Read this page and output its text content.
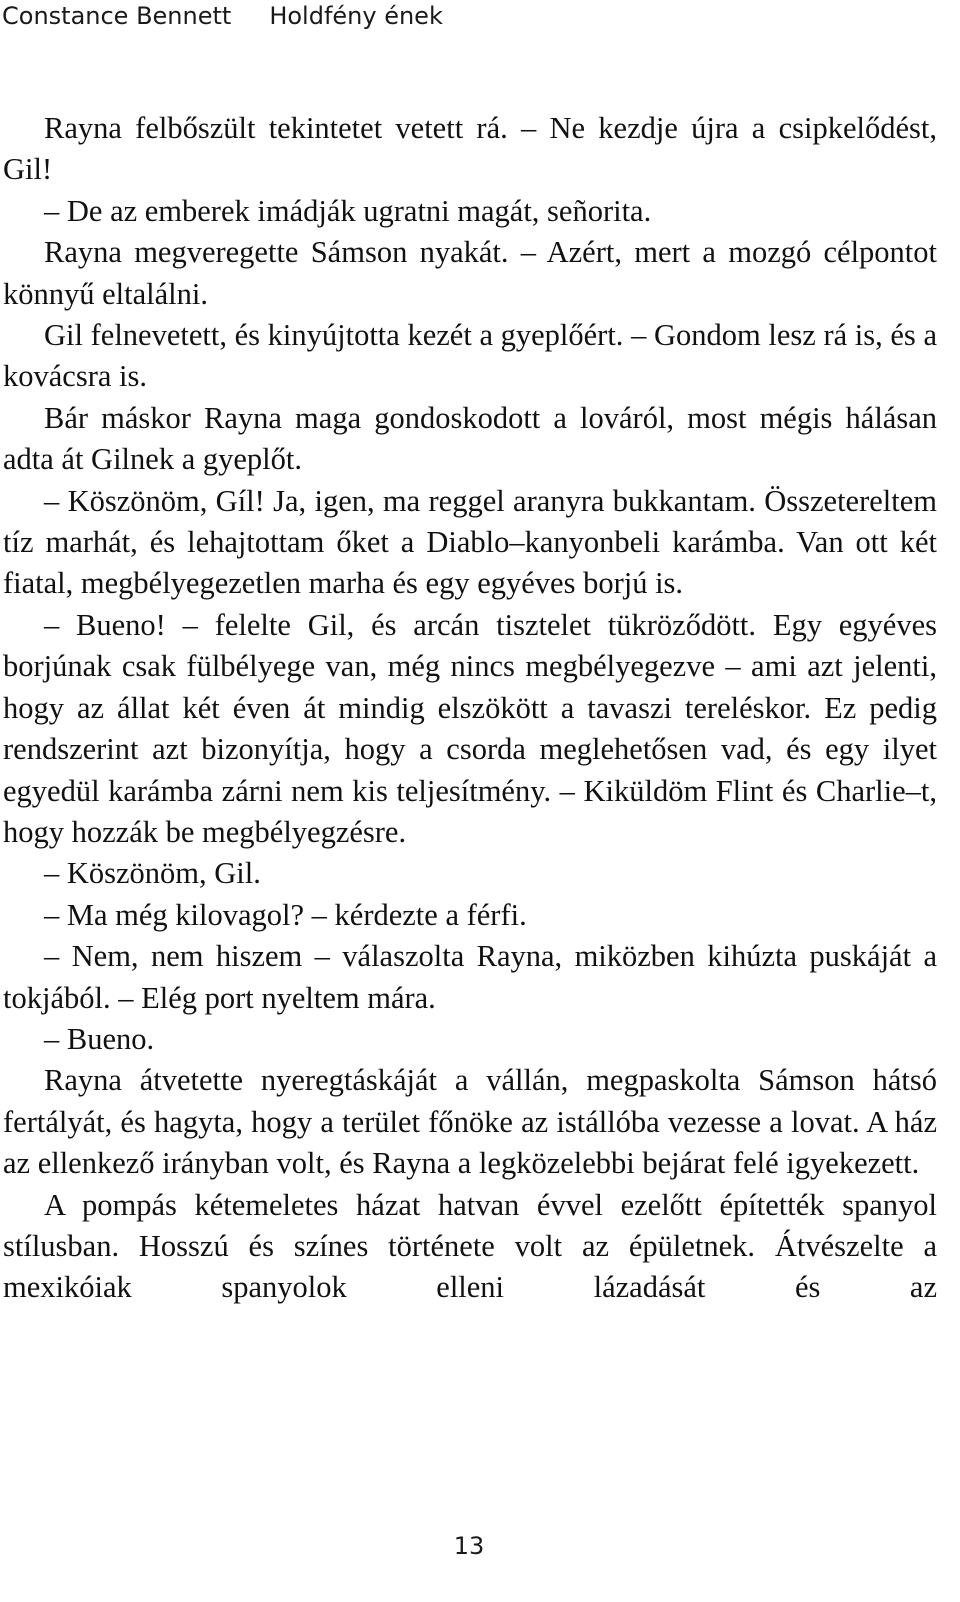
Constance Bennett Holdfény ének

Rayna felbőszült tekintetet vetett rá. – Ne kezdje újra a csipkelődést, Gil!

– De az emberek imádják ugratni magát, señorita.

Rayna megveregette Sámson nyakát. – Azért, mert a mozgó célpontot könnyű eltalálni.

Gil felnevetett, és kinyújtotta kezét a gyeplőért. – Gondom lesz rá is, és a kovácsra is.

Bár máskor Rayna maga gondoskodott a lováról, most mégis hálásan adta át Gilnek a gyeplőt.

– Köszönöm, Gíl! Ja, igen, ma reggel aranyra bukkantam. Összetereltem tíz marhát, és lehajtottam őket a Diablo–kanyonbeli karámba. Van ott két fiatal, megbélyegezetlen marha és egy egyéves borjú is.

– Bueno! – felelte Gil, és arcán tisztelet tükröződött. Egy egyéves borjúnak csak fülbélyege van, még nincs megbélyegezve – ami azt jelenti, hogy az állat két éven át mindig elszökött a tavaszi tereléskor. Ez pedig rendszerint azt bizonyítja, hogy a csorda meglehetősen vad, és egy ilyet egyedül karámba zárni nem kis teljesítmény. – Kiküldöm Flint és Charlie–t, hogy hozzák be megbélyegzésre.

– Köszönöm, Gil.

– Ma még kilovagol? – kérdezte a férfi.

– Nem, nem hiszem – válaszolta Rayna, miközben kihúzta puskáját a tokjából. – Elég port nyeltem mára.

– Bueno.

Rayna átvetette nyeregtáskáját a vállán, megpaskolta Sámson hátsó fertályát, és hagyta, hogy a terület főnöke az istállóba vezesse a lovat. A ház az ellenkező irányban volt, és Rayna a legközelebbi bejárat felé igyekezett.

A pompás kétemeletes házat hatvan évvel ezelőtt építették spanyol stílusban. Hosszú és színes története volt az épületnek. Átvészelte a mexikóiak spanyolok elleni lázadását és az

13
